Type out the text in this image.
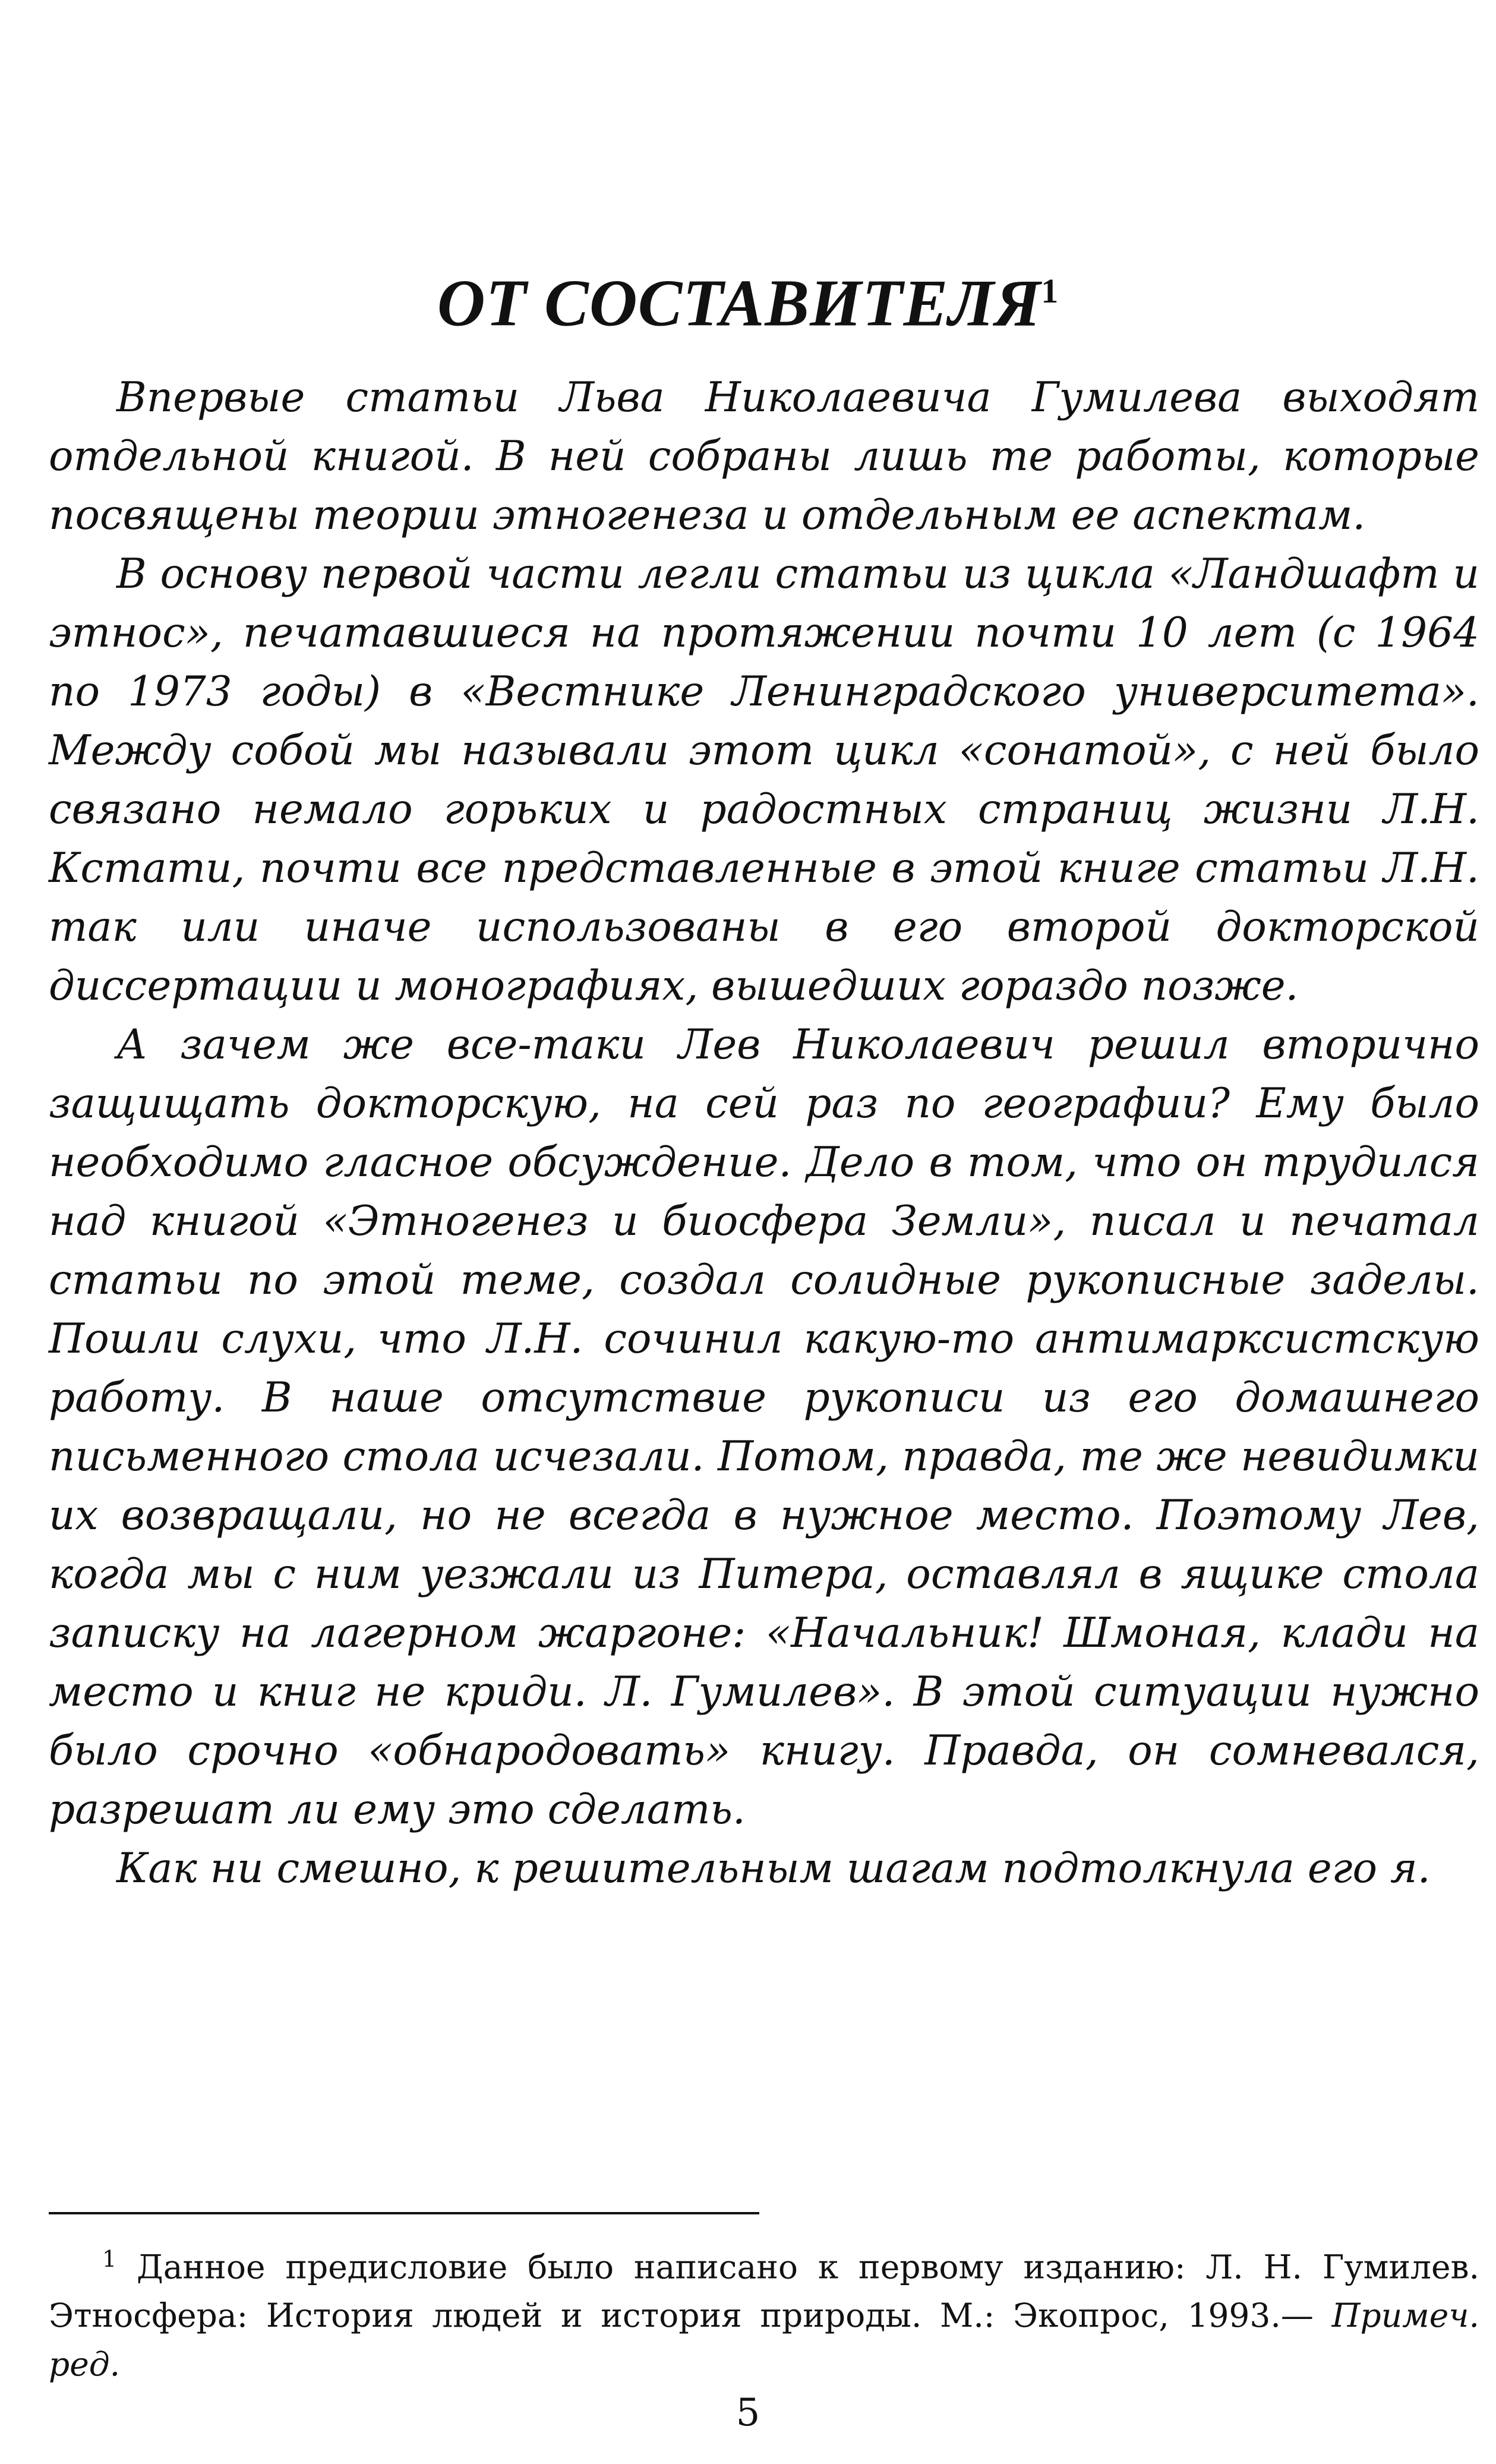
ОТ СОСТАВИТЕЛЯ$^1$

Впервые статьи Льва Николаевича Гумилева выходят отдельной книгой. В ней собраны лишь те работы, которые посвящены теории этногенеза и отдельным ее аспектам.

В основу первой части легли статьи из цикла «Ландшафт и этнос», печатавшиеся на протяжении почти 10 лет (с 1964 по 1973 годы) в «Вестнике Ленинградского университета». Между собой мы называли этот цикл «сонатой», с ней было связано немало горьких и радостных страниц жизни Л.Н. Кстати, почти все представленные в этой книге статьи Л.Н. так или иначе использованы в его второй докторской диссертации и монографиях, вышедших гораздо позже.

А зачем же все-таки Лев Николаевич решил вторично защищать докторскую, на сей раз по географии? Ему было необходимо гласное обсуждение. Дело в том, что он трудился над книгой «Этногенез и биосфера Земли», писал и печатал статьи по этой теме, создал солидные рукописные заделы. Пошли слухи, что Л.Н. сочинил какую-то антимарксистскую работу. В наше отсутствие рукописи из его домашнего письменного стола исчезали. Потом, правда, те же невидимки их возвращали, но не всегда в нужное место. Поэтому Лев, когда мы с ним уезжали из Питера, оставлял в ящике стола записку на лагерном жаргоне: «Начальник! Шмоная, клади на место и книг не криди. Л. Гумилев». В этой ситуации нужно было срочно «обнародовать» книгу. Правда, он сомневался, разрешат ли ему это сделать.

Как ни смешно, к решительным шагам подтолкнула его я.

$^1$ Данное предисловие было написано к первому изданию: Л. Н. Гумилев. Этносфера: История людей и история природы. М.: Экопрос, 1993.— Примеч. ред.

5
